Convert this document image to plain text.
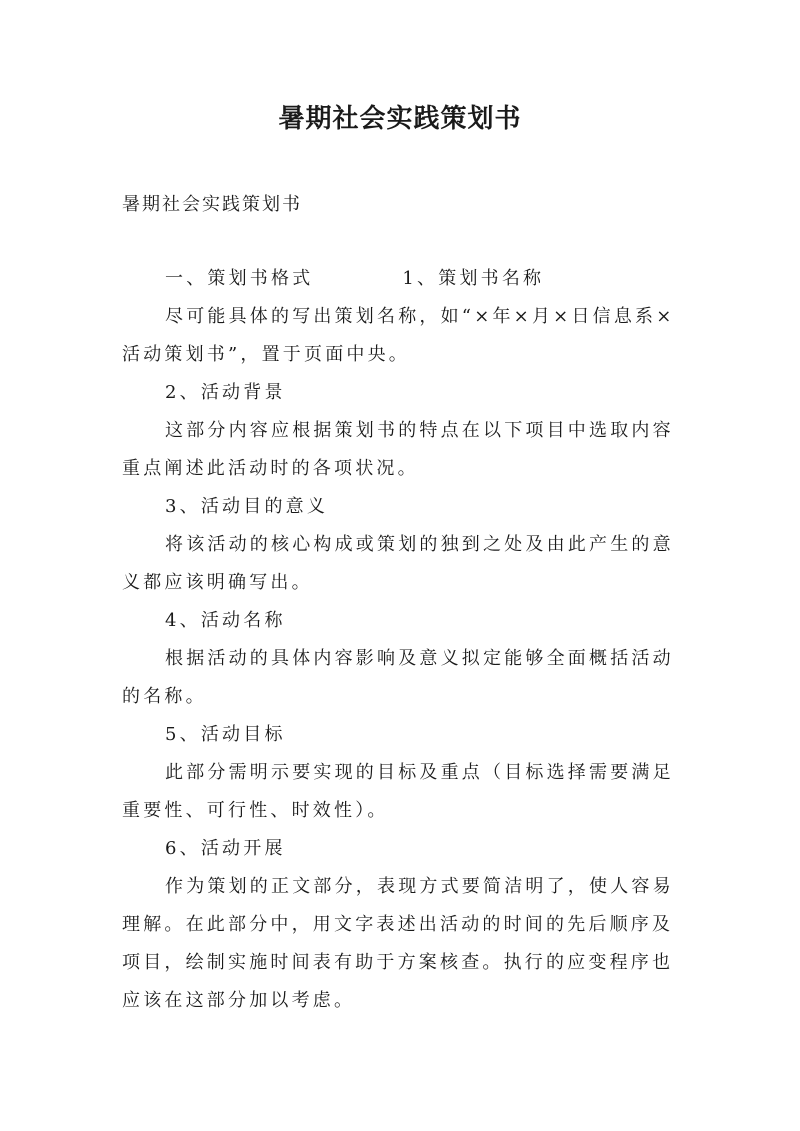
暑期社会实践策划书
暑期社会实践策划书

一、策划书格式	1、策划书名称

尽可能具体的写出策划名称，如“×年×月×日信息系×活动策划书”，置于页面中央。

2、活动背景

这部分内容应根据策划书的特点在以下项目中选取内容重点阐述此活动时的各项状况。

3、活动目的意义

将该活动的核心构成或策划的独到之处及由此产生的意义都应该明确写出。

4、活动名称

根据活动的具体内容影响及意义拟定能够全面概括活动的名称。

5、活动目标

此部分需明示要实现的目标及重点（目标选择需要满足重要性、可行性、时效性）。

6、活动开展

作为策划的正文部分，表现方式要简洁明了，使人容易理解。在此部分中，用文字表述出活动的时间的先后顺序及项目，绘制实施时间表有助于方案核查。执行的应变程序也应该在这部分加以考虑。
